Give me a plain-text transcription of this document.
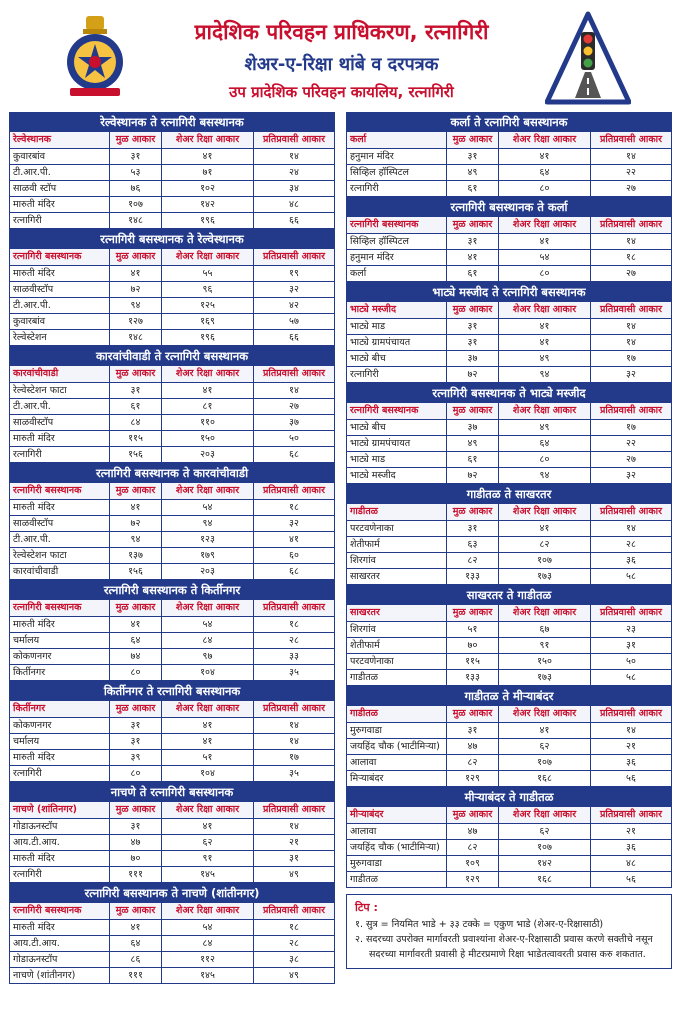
प्रादेशिक परिवहन प्राधिकरण, रत्नागिरी
शेअर-ए-रिक्षा थांबे व दरपत्रक
उप प्रादेशिक परिवहन कायलिय, रत्नागिरी
रेल्वेस्थानक ते रत्नागिरी बसस्थानक
रेल्वेस्थानक	मुळ आकार	शेअर रिक्षा आकार	प्रतिप्रवासी आकार
कुवारबांव	३१	४१	१४
टी.आर.पी.	५३	७१	२४
साळवी स्टॉप	७६	१०२	३४
मारुती मंदिर	१०७	१४२	४८
रत्नागिरी	१४८	१९६	६६
रत्नागिरी बसस्थानक ते रेल्वेस्थानक
रत्नागिरी बसस्थानक	मुळ आकार	शेअर रिक्षा आकार	प्रतिप्रवासी आकार
मारुती मंदिर	४१	५५	१९
साळवीस्टॉप	७२	९६	३२
टी.आर.पी.	९४	१२५	४२
कुवारबांव	१२७	१६९	५७
रेल्वेस्टेशन	१४८	१९६	६६
कारवांचीवाडी ते रत्नागिरी बसस्थानक
कारवांचीवाडी	मुळ आकार	शेअर रिक्षा आकार	प्रतिप्रवासी आकार
रेल्वेस्टेशन फाटा	३१	४१	१४
टी.आर.पी.	६१	८१	२७
साळवीस्टॉप	८४	११०	३७
मारुती मंदिर	११५	१५०	५०
रत्नागिरी	१५६	२०३	६८
रत्नागिरी बसस्थानक ते कारवांचीवाडी
रत्नागिरी बसस्थानक	मुळ आकार	शेअर रिक्षा आकार	प्रतिप्रवासी आकार
मारुती मंदिर	४१	५४	१८
साळवीस्टॉप	७२	९४	३२
टी.आर.पी.	९४	१२३	४१
रेल्वेस्टेशन फाटा	१३७	१७९	६०
कारवांचीवाडी	१५६	२०३	६८
रत्नागिरी बसस्थानक ते किर्तीनगर
रत्नागिरी बसस्थानक	मुळ आकार	शेअर रिक्षा आकार	प्रतिप्रवासी आकार
मारुती मंदिर	४१	५४	१८
चर्मालय	६४	८४	२८
कोकणनगर	७४	९७	३३
किर्तीनगर	८०	१०४	३५
किर्तीनगर ते रत्नागिरी बसस्थानक
किर्तीनगर	मुळ आकार	शेअर रिक्षा आकार	प्रतिप्रवासी आकार
कोकणनगर	३१	४१	१४
चर्मालय	३१	४१	१४
मारुती मंदिर	३९	५१	१७
रत्नागिरी	८०	१०४	३५
नाचणे ते रत्नागिरी बसस्थानक
नाचणे (शांतिनगर)	मुळ आकार	शेअर रिक्षा आकार	प्रतिप्रवासी आकार
गोडाऊनस्टॉप	३१	४१	१४
आय.टी.आय.	४७	६२	२१
मारुती मंदिर	७०	९१	३१
रत्नागिरी	१११	१४५	४९
रत्नागिरी बसस्थानक ते नाचणे (शांतीनगर)
रत्नागिरी बसस्थानक	मुळ आकार	शेअर रिक्षा आकार	प्रतिप्रवासी आकार
मारुती मंदिर	४१	५४	१८
आय.टी.आय.	६४	८४	२८
गोडाऊनस्टॉप	८६	११२	३८
नाचणे (शांतीनगर)	१११	१४५	४९
कर्ला ते रत्नागिरी बसस्थानक
कर्ला	मुळ आकार	शेअर रिक्षा आकार	प्रतिप्रवासी आकार
हनुमान मंदिर	३१	४१	१४
सिव्हिल हॉस्पिटल	४९	६४	२२
रत्नागिरी	६१	८०	२७
रत्नागिरी बसस्थानक ते कर्ला
रत्नागिरी बसस्थानक	मुळ आकार	शेअर रिक्षा आकार	प्रतिप्रवासी आकार
सिव्हिल हॉस्पिटल	३१	४१	१४
हनुमान मंदिर	४१	५४	१८
कर्ला	६१	८०	२७
भाट्ये मस्जीद ते रत्नागिरी बसस्थानक
भाट्ये मस्जीद	मुळ आकार	शेअर रिक्षा आकार	प्रतिप्रवासी आकार
भाट्ये माड	३१	४१	१४
भाट्ये ग्रामपंचायत	३१	४१	१४
भाट्ये बीच	३७	४९	१७
रत्नागिरी	७२	९४	३२
रत्नागिरी बसस्थानक ते भाट्ये मस्जीद
रत्नागिरी बसस्थानक	मुळ आकार	शेअर रिक्षा आकार	प्रतिप्रवासी आकार
भाट्ये बीच	३७	४९	१७
भाट्ये ग्रामपंचायत	४९	६४	२२
भाट्ये माड	६१	८०	२७
भाट्ये मस्जीद	७२	९४	३२
गाडीतळ ते साखरतर
गाडीतळ	मुळ आकार	शेअर रिक्षा आकार	प्रतिप्रवासी आकार
परटवणेनाका	३१	४१	१४
शेतीफार्म	६३	८२	२८
शिरगांव	८२	१०७	३६
साखरतर	१३३	१७३	५८
साखरतर ते गाडीतळ
साखरतर	मुळ आकार	शेअर रिक्षा आकार	प्रतिप्रवासी आकार
शिरगांव	५१	६७	२३
शेतीफार्म	७०	९१	३१
परटवणेनाका	११५	१५०	५०
गाडीतळ	१३३	१७३	५८
गाडीतळ ते मीऱ्याबंदर
गाडीतळ	मुळ आकार	शेअर रिक्षा आकार	प्रतिप्रवासी आकार
मुरुगवाडा	३१	४१	१४
जयहिंद चौक (भाटीमिऱ्या)	४७	६२	२१
आलावा	८२	१०७	३६
मिऱ्याबंदर	१२९	१६८	५६
मीऱ्याबंदर ते गाडीतळ
मीऱ्याबंदर	मुळ आकार	शेअर रिक्षा आकार	प्रतिप्रवासी आकार
आलावा	४७	६२	२१
जयहिंद चौक (भाटीमिऱ्या)	८२	१०७	३६
मुरुगवाडा	१०९	१४२	४८
गाडीतळ	१२९	१६८	५६
टिप :
१. सुत्र = नियमित भाडे + ३३ टक्के = एकुण भाडे (शेअर-ए-रिक्षासाठी)
२. सदरच्या उपरोक्त मार्गावरती प्रवाश्यांना शेअर-ए-रिक्षासाठी प्रवास करणे सक्तीचे नसून सदरच्या मार्गावरती प्रवासी हे मीटरप्रमाणे रिक्षा भाडेतत्वावरती प्रवास करु शकतात.
